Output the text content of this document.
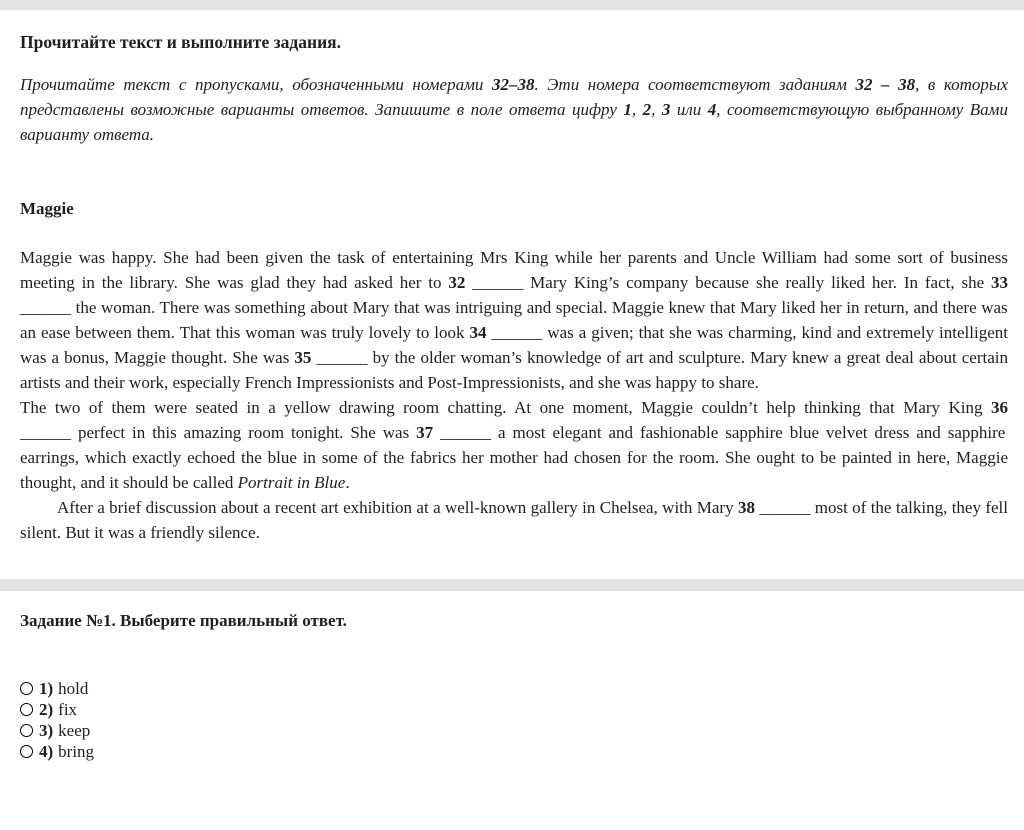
Прочитайте текст и выполните задания.

Прочитайте текст с пропусками, обозначенными номерами 32–38. Эти номера соответствуют заданиям 32 – 38, в которых представлены возможные варианты ответов. Запишите в поле ответа цифру 1, 2, 3 или 4, соответствующую выбранному Вами варианту ответа.

Maggie

Maggie was happy. She had been given the task of entertaining Mrs King while her parents and Uncle William had some sort of business meeting in the library. She was glad they had asked her to 32 ______ Mary King’s company because she really liked her. In fact, she 33 ______ the woman. There was something about Mary that was intriguing and special. Maggie knew that Mary liked her in return, and there was an ease between them. That this woman was truly lovely to look 34 ______ was a given; that she was charming, kind and extremely intelligent was a bonus, Maggie thought. She was 35 ______ by the older woman’s knowledge of art and sculpture. Mary knew a great deal about certain artists and their work, especially French Impressionists and Post-Impressionists, and she was happy to share.

The two of them were seated in a yellow drawing room chatting. At one moment, Maggie couldn’t help thinking that Mary King 36 ______ perfect in this amazing room tonight. She was 37 ______ a most elegant and fashionable sapphire blue velvet dress and sapphire earrings, which exactly echoed the blue in some of the fabrics her mother had chosen for the room. She ought to be painted in here, Maggie thought, and it should be called Portrait in Blue.

After a brief discussion about a recent art exhibition at a well-known gallery in Chelsea, with Mary 38 ______ most of the talking, they fell silent. But it was a friendly silence.

Задание №1. Выберите правильный ответ.
1) hold
2) fix
3) keep
4) bring
